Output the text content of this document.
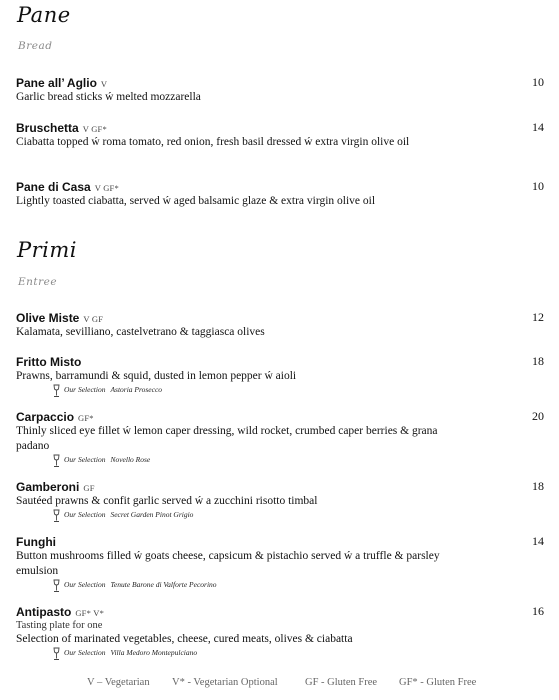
Pane
Bread
Pane all’ Aglio V	10
Garlic bread sticks ẃ melted mozzarella
Bruschetta V GF*	14
Ciabatta topped ẃ roma tomato, red onion, fresh basil dressed ẃ extra virgin olive oil
Pane di Casa V GF*	10
Lightly toasted ciabatta, served ẃ aged balsamic glaze & extra virgin olive oil
Primi
Entree
Olive Miste V GF	12
Kalamata, sevilliano, castelvetrano & taggiasca olives
Fritto Misto	18
Prawns, barramundi & squid, dusted in lemon pepper ẃ aioli
Our Selection Astoria Prosecco
Carpaccio GF*	20
Thinly sliced eye fillet ẃ lemon caper dressing, wild rocket, crumbed caper berries & grana padano
Our Selection Novello Rose
Gamberoni GF	18
Sautéed prawns & confit garlic served ẃ a zucchini risotto timbal
Our Selection Secret Garden Pinot Grigio
Funghi	14
Button mushrooms filled ẃ goats cheese, capsicum & pistachio served ẃ a truffle & parsley emulsion
Our Selection Tenute Barone di Valforte Pecorino
Antipasto GF* V*	16
Tasting plate for one
Selection of marinated vegetables, cheese, cured meats, olives & ciabatta
Our Selection Villa Medoro Montepulciano
V – Vegetarian V* - Vegetarian Optional	GF - Gluten Free GF* - Gluten Free
